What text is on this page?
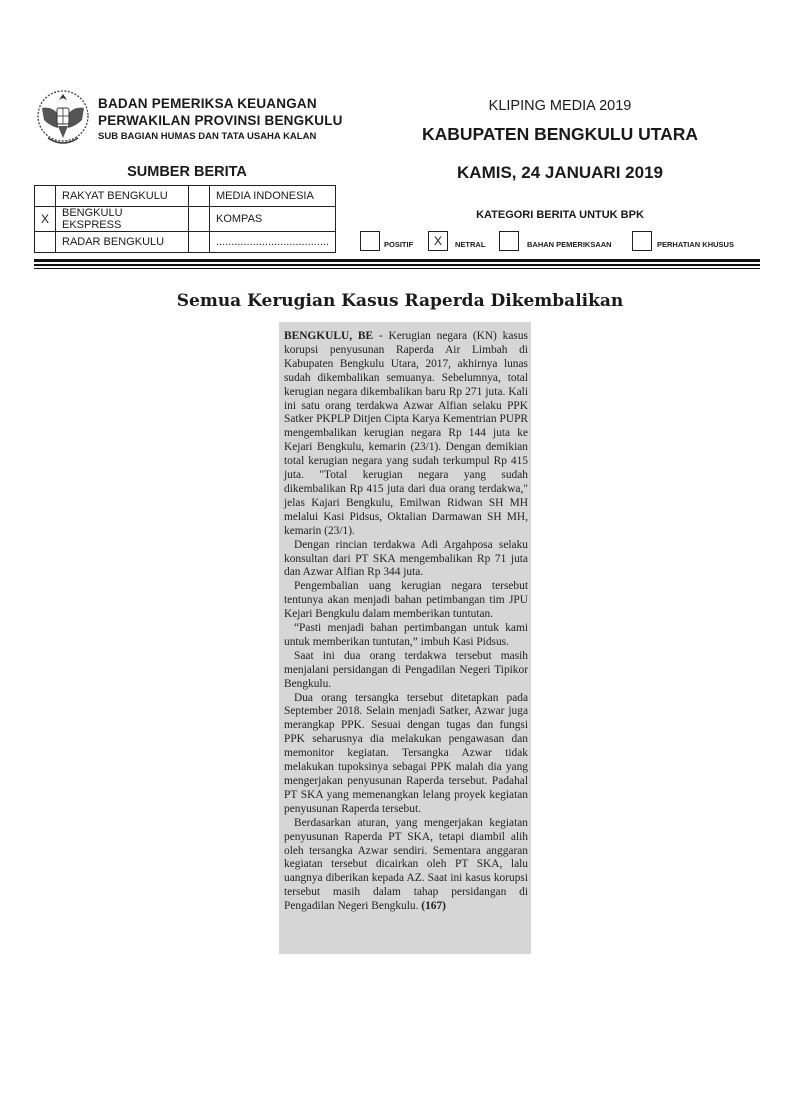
BADAN PEMERIKSA KEUANGAN
PERWAKILAN PROVINSI BENGKULU
SUB BAGIAN HUMAS DAN TATA USAHA KALAN
KLIPING MEDIA 2019
KABUPATEN BENGKULU UTARA
SUMBER BERITA	KAMIS, 24 JANUARI 2019
	RAKYAT BENGKULU		MEDIA INDONESIA
X	BENGKULU EKSPRESS		KOMPAS
	RADAR BENGKULU		.....................................
KATEGORI BERITA UNTUK BPK
POSITIF	X	NETRAL	BAHAN PEMERIKSAAN	PERHATIAN KHUSUS
Semua Kerugian Kasus Raperda Dikembalikan

BENGKULU, BE - Kerugian negara (KN) kasus korupsi penyusunan Raperda Air Limbah di Kabupaten Bengkulu Utara, 2017, akhirnya lunas sudah dikembalikan semuanya. Sebelumnya, total kerugian negara dikembalikan baru Rp 271 juta. Kali ini satu orang terdakwa Azwar Alfian selaku PPK Satker PKPLP Ditjen Cipta Karya Kementrian PUPR mengembalikan kerugian negara Rp 144 juta ke Kejari Bengkulu, kemarin (23/1). Dengan demikian total kerugian negara yang sudah terkumpul Rp 415 juta. "Total kerugian negara yang sudah dikembalikan Rp 415 juta dari dua orang terdakwa," jelas Kajari Bengkulu, Emilwan Ridwan SH MH melalui Kasi Pidsus, Oktalian Darmawan SH MH, kemarin (23/1).

Dengan rincian terdakwa Adi Argahposa selaku konsultan dari PT SKA mengembalikan Rp 71 juta dan Azwar Alfian Rp 344 juta.

Pengembalian uang kerugian negara tersebut tentunya akan menjadi bahan petimbangan tim JPU Kejari Bengkulu dalam memberikan tuntutan.

“Pasti menjadi bahan pertimbangan untuk kami untuk memberikan tuntutan,” imbuh Kasi Pidsus.

Saat ini dua orang terdakwa tersebut masih menjalani persidangan di Pengadilan Negeri Tipikor Bengkulu.

Dua orang tersangka tersebut ditetapkan pada September 2018. Selain menjadi Satker, Azwar juga merangkap PPK. Sesuai dengan tugas dan fungsi PPK seharusnya dia melakukan pengawasan dan memonitor kegiatan. Tersangka Azwar tidak melakukan tupoksinya sebagai PPK malah dia yang mengerjakan penyusunan Raperda tersebut. Padahal PT SKA yang memenangkan lelang proyek kegiatan penyusunan Raperda tersebut.

Berdasarkan aturan, yang mengerjakan kegiatan penyusunan Raperda PT SKA, tetapi diambil alih oleh tersangka Azwar sendiri. Sementara anggaran kegiatan tersebut dicairkan oleh PT SKA, lalu uangnya diberikan kepada AZ. Saat ini kasus korupsi tersebut masih dalam tahap persidangan di Pengadilan Negeri Bengkulu. (167)
